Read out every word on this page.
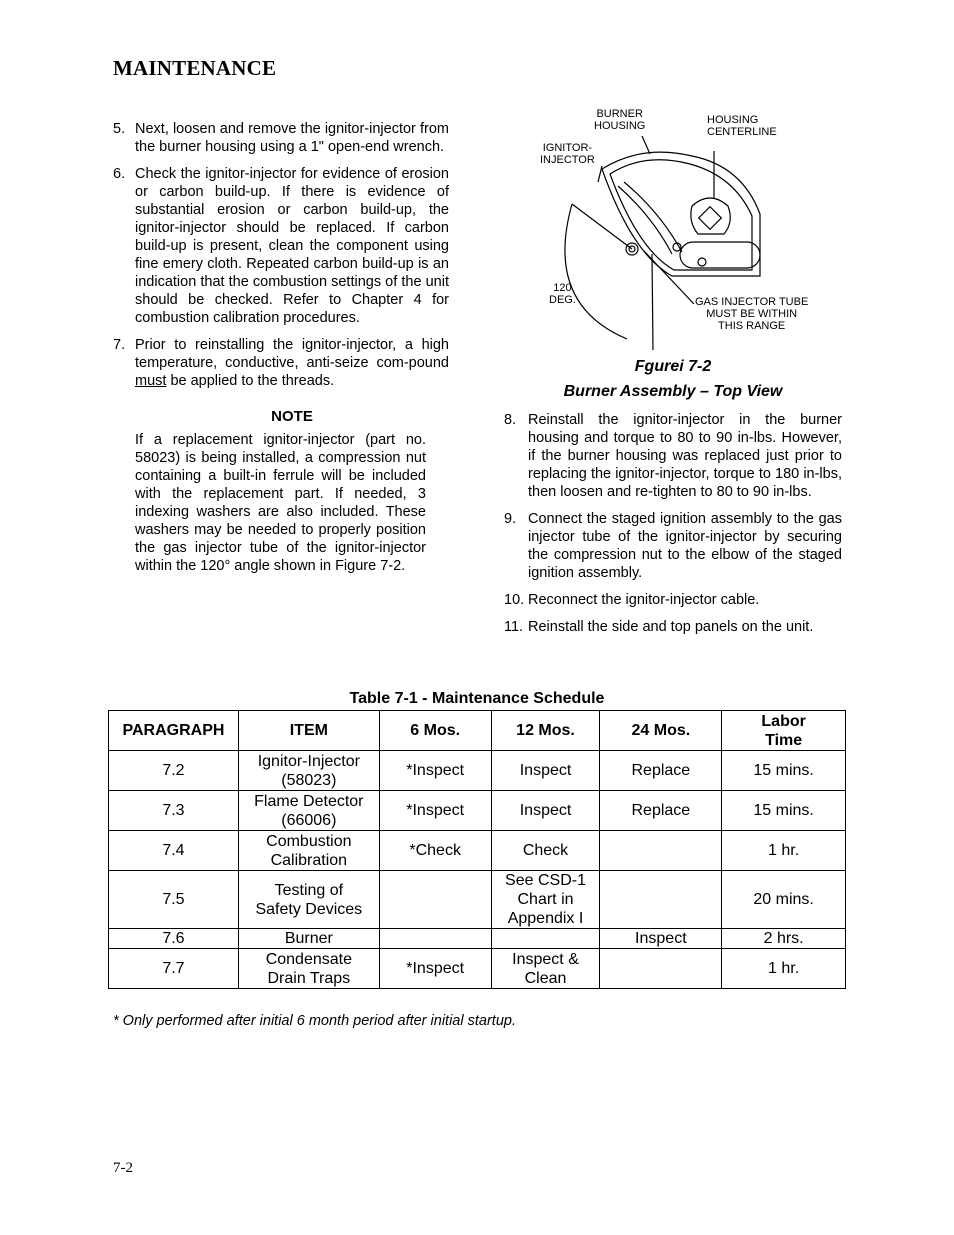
MAINTENANCE
5. Next, loosen and remove the ignitor-injector from the burner housing using a 1" open-end wrench.
6. Check the ignitor-injector for evidence of erosion or carbon build-up. If there is evidence of substantial erosion or carbon build-up, the ignitor-injector should be replaced. If carbon build-up is present, clean the component using fine emery cloth. Repeated carbon build-up is an indication that the combustion settings of the unit should be checked. Refer to Chapter 4 for combustion calibration procedures.
7. Prior to reinstalling the ignitor-injector, a high temperature, conductive, anti-seize com-pound must be applied to the threads.
NOTE
If a replacement ignitor-injector (part no. 58023) is being installed, a compression nut containing a built-in ferrule will be included with the replacement part. If needed, 3 indexing washers are also included. These washers may be needed to properly position the gas injector tube of the ignitor-injector within the 120° angle shown in Figure 7-2.
BURNER
HOUSING	HOUSING
CENTERLINE
IGNITOR-
INJECTOR
120
DEG.	GAS INJECTOR TUBE
MUST BE WITHIN
THIS RANGE
Fgurei 7-2
Burner Assembly – Top View
8. Reinstall the ignitor-injector in the burner housing and torque to 80 to 90 in-lbs. However, if the burner housing was replaced just prior to replacing the ignitor-injector, torque to 180 in-lbs, then loosen and re-tighten to 80 to 90 in-lbs.
9. Connect the staged ignition assembly to the gas injector tube of the ignitor-injector by securing the compression nut to the elbow of the staged ignition assembly.
10. Reconnect the ignitor-injector cable.
11. Reinstall the side and top panels on the unit.
Table 7-1 - Maintenance Schedule
PARAGRAPH	ITEM	6 Mos.	12 Mos.	24 Mos.	Labor
Time
7.2	Ignitor-Injector
(58023)	*Inspect	Inspect	Replace	15 mins.
7.3	Flame Detector
(66006)	*Inspect	Inspect	Replace	15 mins.
7.4	Combustion
Calibration	*Check	Check		1 hr.
7.5	Testing of
Safety Devices		See CSD-1
Chart in
Appendix I		20 mins.
7.6	Burner			Inspect	2 hrs.
7.7	Condensate
Drain Traps	*Inspect	Inspect &
Clean		1 hr.
* Only performed after initial 6 month period after initial startup.
7-2
